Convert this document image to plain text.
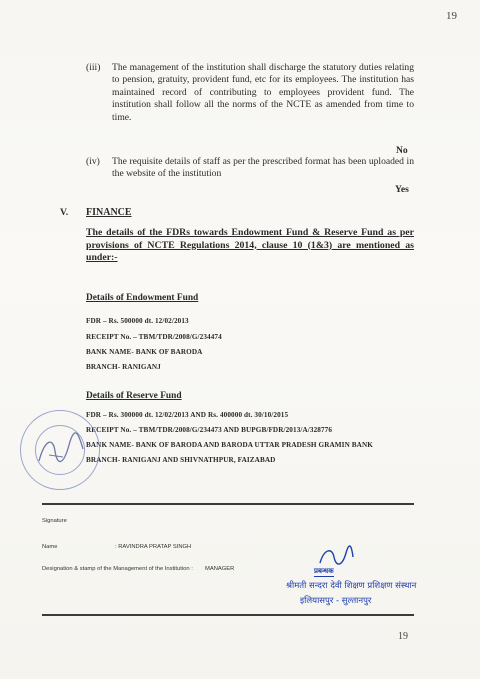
19
(iii) The management of the institution shall discharge the statutory duties relating to pension, gratuity, provident fund, etc for its employees. The institution has maintained record of contributing to employees provident fund. The institution shall follow all the norms of the NCTE as amended from time to time.
No
(iv) The requisite details of staff as per the prescribed format has been uploaded in the website of the institution
Yes
V. FINANCE
The details of the FDRs towards Endowment Fund & Reserve Fund as per provisions of NCTE Regulations 2014, clause 10 (1&3) are mentioned as under:-
Details of Endowment Fund
FDR – Rs. 500000 dt. 12/02/2013
RECEIPT No. – TBM/TDR/2008/G/234474
BANK NAME- BANK OF BARODA
BRANCH- RANIGANJ
Details of Reserve Fund
FDR – Rs. 300000 dt. 12/02/2013 AND Rs. 400000 dt. 30/10/2015
RECEIPT No. – TBM/TDR/2008/G/234473 AND BUPGB/FDR/2013/A/328776
BANK NAME- BANK OF BARODA AND BARODA UTTAR PRADESH GRAMIN BANK
BRANCH- RANIGANJ AND SHIVNATHPUR, FAIZABAD
Signature
Name	: RAVINDRA PRATAP SINGH
Designation & stamp of the Management of the Institution : MANAGER	प्रबन्धक
श्रीमती सन्दरा देवी शिक्षण प्रशिक्षण संस्थान
इलियासपुर - सुल्तानपुर
19
